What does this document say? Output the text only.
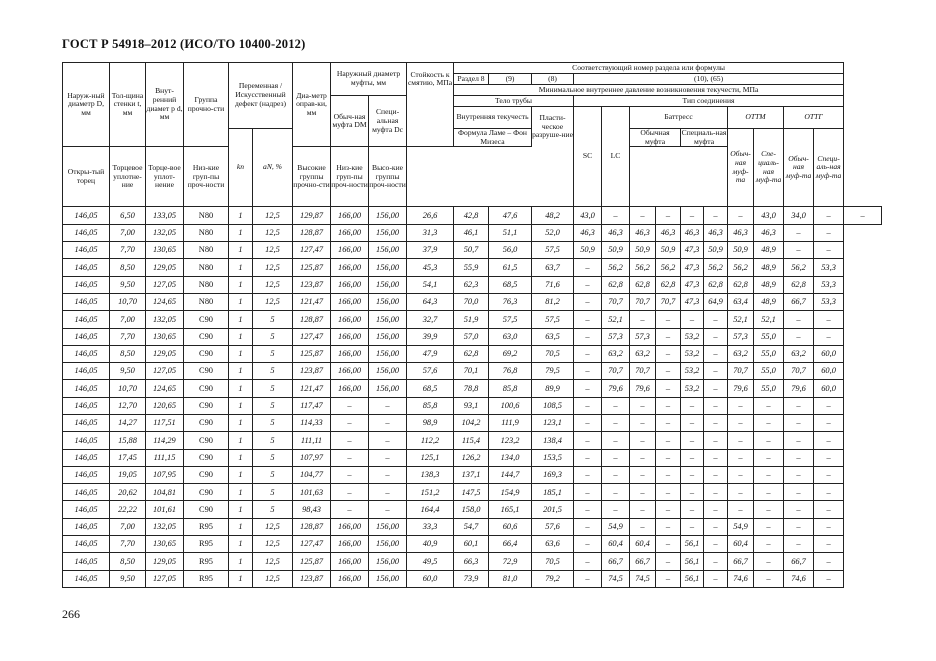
ГОСТ Р 54918–2012 (ИСО/ТО 10400-2012)
Наруж-ный диаметр D, мм	Тол-щина стенки t, мм	Внут-ренний диамет р d, мм	Группа прочно-сти	Переменная /Искусственный дефект (надрез)		Диа-метр оправ-ки, мм	Наружный диаметр муфты, мм		Стойкость к смятию, МПа	Соответствующий номер раздела или формулы													
										Раздел 8	(9)	(8)	(10), (65)										
										Минимальное внутреннее давление возникновения текучести, МПа													
							Обыч-ная муфта DM	Специ-альная муфта Dc		Тело трубы			Тип соединения										
										Внутренняя текучесть		Пласти-ческое разруше-ние	SC	LC	Баттресс				ОТТМ		ОТТГ		
				kn	aN, %					Формула Ламе – Фон Мизеса					Обычная муфта		Специаль-ная муфта		Обыч-ная муф-та	Спе-циаль-ная муф-та	Обыч-ная муф-та	Специ-аль-ная муф-та	
Откры-тый торец	Торцевое уплотне-ние	Торце-вое уплот-нение	Низ-кие груп-пы проч-ности			Высокие группы прочно-сти	Низ-кие груп-пы проч-ности	Высо-кие группы проч-ности															
146,05	6,50	133,05	N80	1	12,5	129,87	166,00	156,00	26,6	42,8	47,6	48,2	43,0	–	–	–	–	–	–	43,0	34,0	–	–
146,05	7,00	132,05	N80	1	12,5	128,87	166,00	156,00	31,3	46,1	51,1	52,0	46,3	46,3	46,3	46,3	46,3	46,3	46,3	46,3	–	–	
146,05	7,70	130,65	N80	1	12,5	127,47	166,00	156,00	37,9	50,7	56,0	57,5	50,9	50,9	50,9	50,9	47,3	50,9	50,9	48,9	–	–	
146,05	8,50	129,05	N80	1	12,5	125,87	166,00	156,00	45,3	55,9	61,5	63,7	–	56,2	56,2	56,2	47,3	56,2	56,2	48,9	56,2	53,3	
146,05	9,50	127,05	N80	1	12,5	123,87	166,00	156,00	54,1	62,3	68,5	71,6	–	62,8	62,8	62,8	47,3	62,8	62,8	48,9	62,8	53,3	
146,05	10,70	124,65	N80	1	12,5	121,47	166,00	156,00	64,3	70,0	76,3	81,2	–	70,7	70,7	70,7	47,3	64,9	63,4	48,9	66,7	53,3	
146,05	7,00	132,05	C90	1	5	128,87	166,00	156,00	32,7	51,9	57,5	57,5	–	52,1	–	–	–	–	52,1	52,1	–	–	
146,05	7,70	130,65	C90	1	5	127,47	166,00	156,00	39,9	57,0	63,0	63,5	–	57,3	57,3	–	53,2	–	57,3	55,0	–	–	
146,05	8,50	129,05	C90	1	5	125,87	166,00	156,00	47,9	62,8	69,2	70,5	–	63,2	63,2	–	53,2	–	63,2	55,0	63,2	60,0	
146,05	9,50	127,05	C90	1	5	123,87	166,00	156,00	57,6	70,1	76,8	79,5	–	70,7	70,7	–	53,2	–	70,7	55,0	70,7	60,0	
146,05	10,70	124,65	C90	1	5	121,47	166,00	156,00	68,5	78,8	85,8	89,9	–	79,6	79,6	–	53,2	–	79,6	55,0	79,6	60,0	
146,05	12,70	120,65	C90	1	5	117,47	–	–	85,8	93,1	100,6	108,5	–	–	–	–	–	–	–	–	–	–	
146,05	14,27	117,51	C90	1	5	114,33	–	–	98,9	104,2	111,9	123,1	–	–	–	–	–	–	–	–	–	–	
146,05	15,88	114,29	C90	1	5	111,11	–	–	112,2	115,4	123,2	138,4	–	–	–	–	–	–	–	–	–	–	
146,05	17,45	111,15	C90	1	5	107,97	–	–	125,1	126,2	134,0	153,5	–	–	–	–	–	–	–	–	–	–	
146,05	19,05	107,95	C90	1	5	104,77	–	–	138,3	137,1	144,7	169,3	–	–	–	–	–	–	–	–	–	–	
146,05	20,62	104,81	C90	1	5	101,63	–	–	151,2	147,5	154,9	185,1	–	–	–	–	–	–	–	–	–	–	
146,05	22,22	101,61	C90	1	5	98,43	–	–	164,4	158,0	165,1	201,5	–	–	–	–	–	–	–	–	–	–	
146,05	7,00	132,05	R95	1	12,5	128,87	166,00	156,00	33,3	54,7	60,6	57,6	–	54,9	–	–	–	–	54,9	–	–	–	
146,05	7,70	130,65	R95	1	12,5	127,47	166,00	156,00	40,9	60,1	66,4	63,6	–	60,4	60,4	–	56,1	–	60,4	–	–	–	
146,05	8,50	129,05	R95	1	12,5	125,87	166,00	156,00	49,5	66,3	72,9	70,5	–	66,7	66,7	–	56,1	–	66,7	–	66,7	–	
146,05	9,50	127,05	R95	1	12,5	123,87	166,00	156,00	60,0	73,9	81,0	79,2	–	74,5	74,5	–	56,1	–	74,6	–	74,6	–	
266
